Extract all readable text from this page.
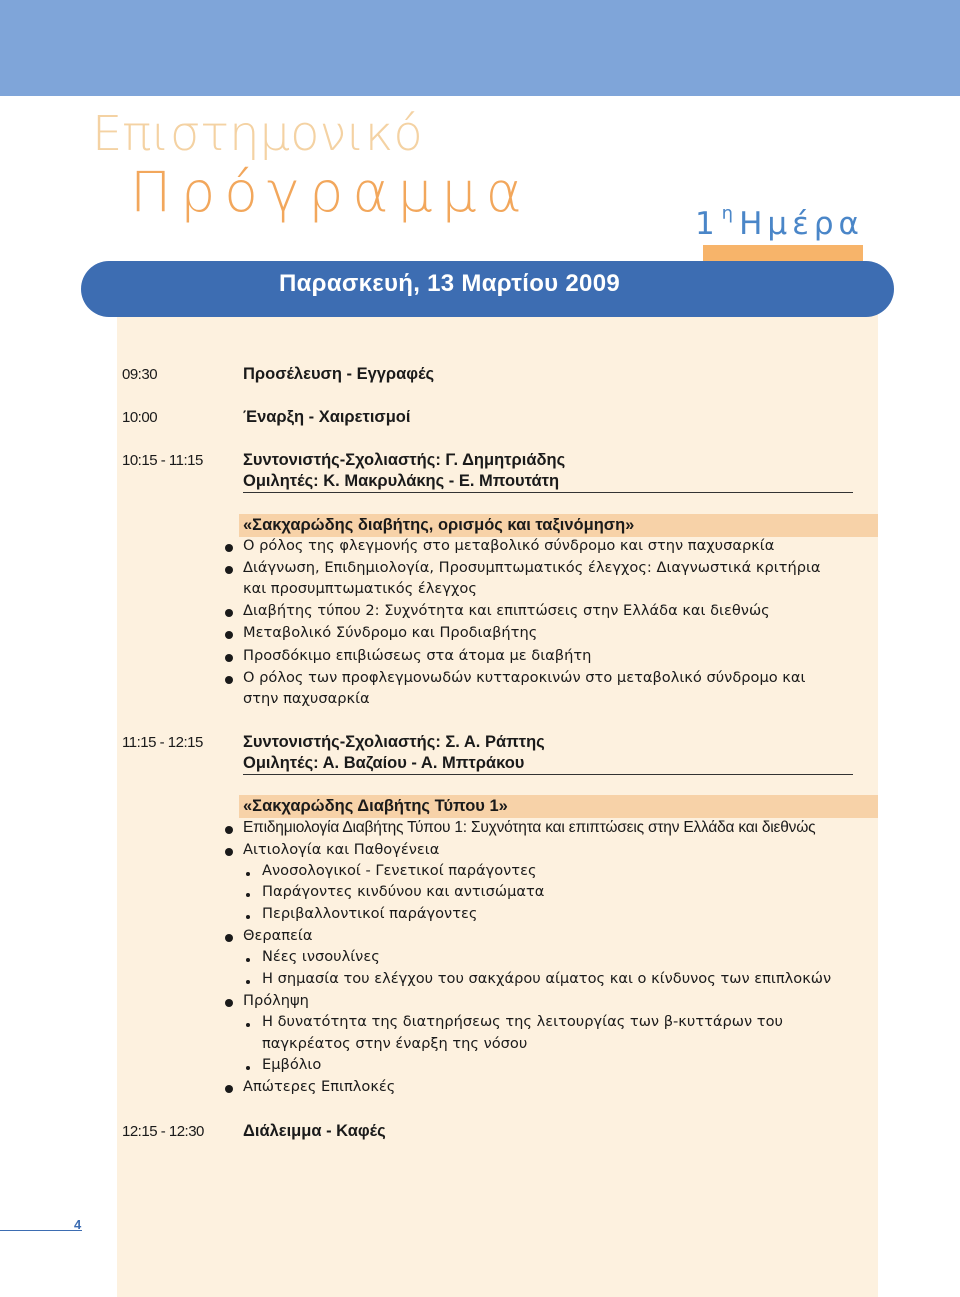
Επιστημονικό
Πρόγραμμα	1 $^\eta$ Ημέρα
Παρασκευή, 13 Μαρτίου 2009
09:30	Προσέλευση - Εγγραφές
10:00	Έναρξη - Χαιρετισμοί
10:15 - 11:15 Συντονιστής-Σχολιαστής: Γ. Δημητριάδης
Ομιλητές: Κ. Μακρυλάκης - Ε. Μπουτάτη
«Σακχαρώδης διαβήτης, ορισμός και ταξινόμηση»
Ο ρόλος της φλεγμονής στο μεταβολικό σύνδρομο και στην παχυσαρκία
Διάγνωση, Επιδημιολογία, Προσυμπτωματικός έλεγχος: Διαγνωστικά κριτήρια
και προσυμπτωματικός έλεγχος
Διαβήτης τύπου 2: Συχνότητα και επιπτώσεις στην Ελλάδα και διεθνώς
Μεταβολικό Σύνδρομο και Προδιαβήτης
Προσδόκιμο επιβιώσεως στα άτομα με διαβήτη
Ο ρόλος των προφλεγμονωδών κυτταροκινών στο μεταβολικό σύνδρομο και
στην παχυσαρκία
11:15 - 12:15 Συντονιστής-Σχολιαστής: Σ. Α. Ράπτης
Ομιλητές: Α. Βαζαίου - Α. Μπτράκου
«Σακχαρώδης Διαβήτης Τύπου 1»
Επιδημιολογία Διαβήτης Τύπου 1: Συχνότητα και επιπτώσεις στην Ελλάδα και διεθνώς
Αιτιολογία και Παθογένεια
Ανοσολογικοί - Γενετικοί παράγοντες
Παράγοντες κινδύνου και αντισώματα
Περιβαλλοντικοί παράγοντες
Θεραπεία
Νέες ινσουλίνες
Η σημασία του ελέγχου του σακχάρου αίματος και ο κίνδυνος των επιπλοκών
Πρόληψη
Η δυνατότητα της διατηρήσεως της λειτουργίας των β-κυττάρων του
παγκρέατος στην έναρξη της νόσου
Εμβόλιο
Απώτερες Επιπλοκές
12:15 - 12:30 Διάλειμμα - Καφές
4
